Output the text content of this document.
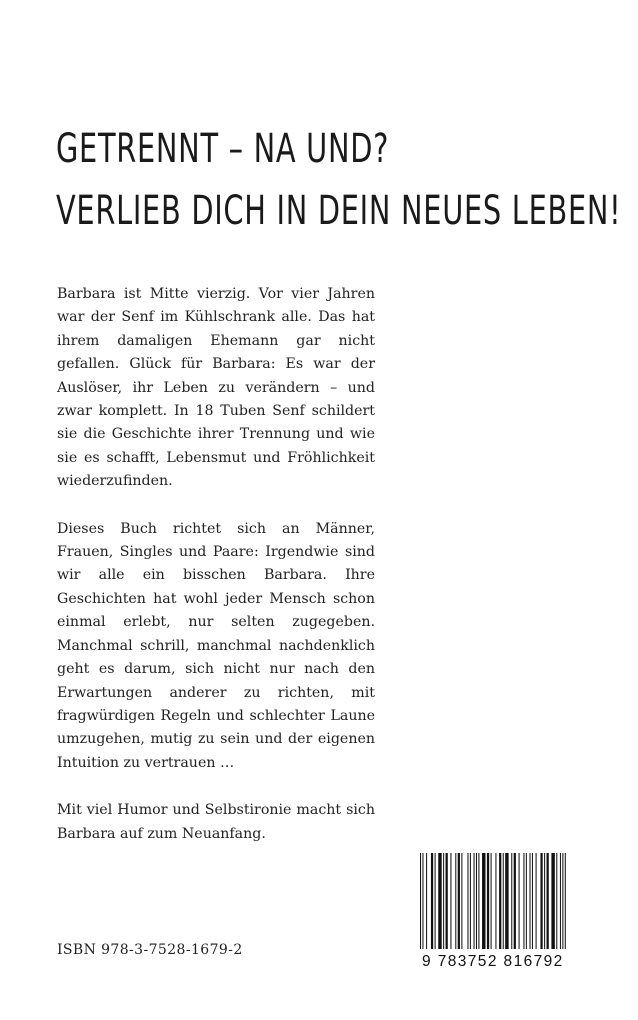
GETRENNT – NA UND?
VERLIEB DICH IN DEIN NEUES LEBEN!

Barbara ist Mitte vierzig. Vor vier Jahren war der Senf im Kühlschrank alle. Das hat ihrem damaligen Ehemann gar nicht gefallen. Glück für Barbara: Es war der Auslöser, ihr Leben zu verändern – und zwar komplett. In 18 Tuben Senf schildert sie die Geschichte ihrer Trennung und wie sie es schafft, Lebensmut und Fröhlichkeit wiederzufinden.

Dieses Buch richtet sich an Männer, Frauen, Singles und Paare: Irgendwie sind wir alle ein bisschen Barbara. Ihre Geschichten hat wohl jeder Mensch schon einmal erlebt, nur selten zugegeben. Manchmal schrill, manchmal nachdenklich geht es darum, sich nicht nur nach den Erwartungen anderer zu richten, mit fragwürdigen Regeln und schlechter Laune umzugehen, mutig zu sein und der eigenen Intuition zu vertrauen …

Mit viel Humor und Selbstironie macht sich Barbara auf zum Neuanfang.

ISBN 978-3-7528-1679-2
9 783752 816792
